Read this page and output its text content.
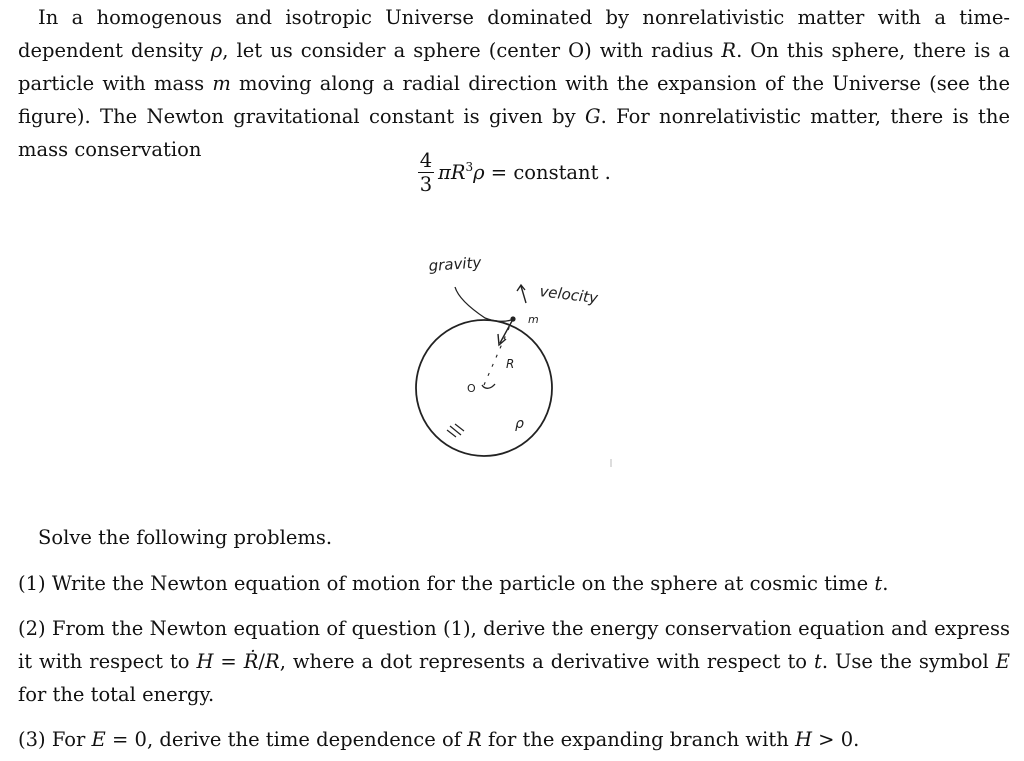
In a homogenous and isotropic Universe dominated by nonrelativistic matter with a time-dependent density ρ, let us consider a sphere (center O) with radius R. On this sphere, there is a particle with mass m moving along a radial direction with the expansion of the Universe (see the figure). The Newton gravitational constant is given by G. For nonrelativistic matter, there is the mass conservation	4
3
$\pi R^3\rho$ = constant .
gravity
velocity
m
R
O
ρ
Solve the following problems.
(1) Write the Newton equation of motion for the particle on the sphere at cosmic time t.
(2) From the Newton equation of question (1), derive the energy conservation equation and express it with respect to H = Ṙ/R, where a dot represents a derivative with respect to t. Use the symbol E for the total energy.
(3) For E = 0, derive the time dependence of R for the expanding branch with H > 0.
